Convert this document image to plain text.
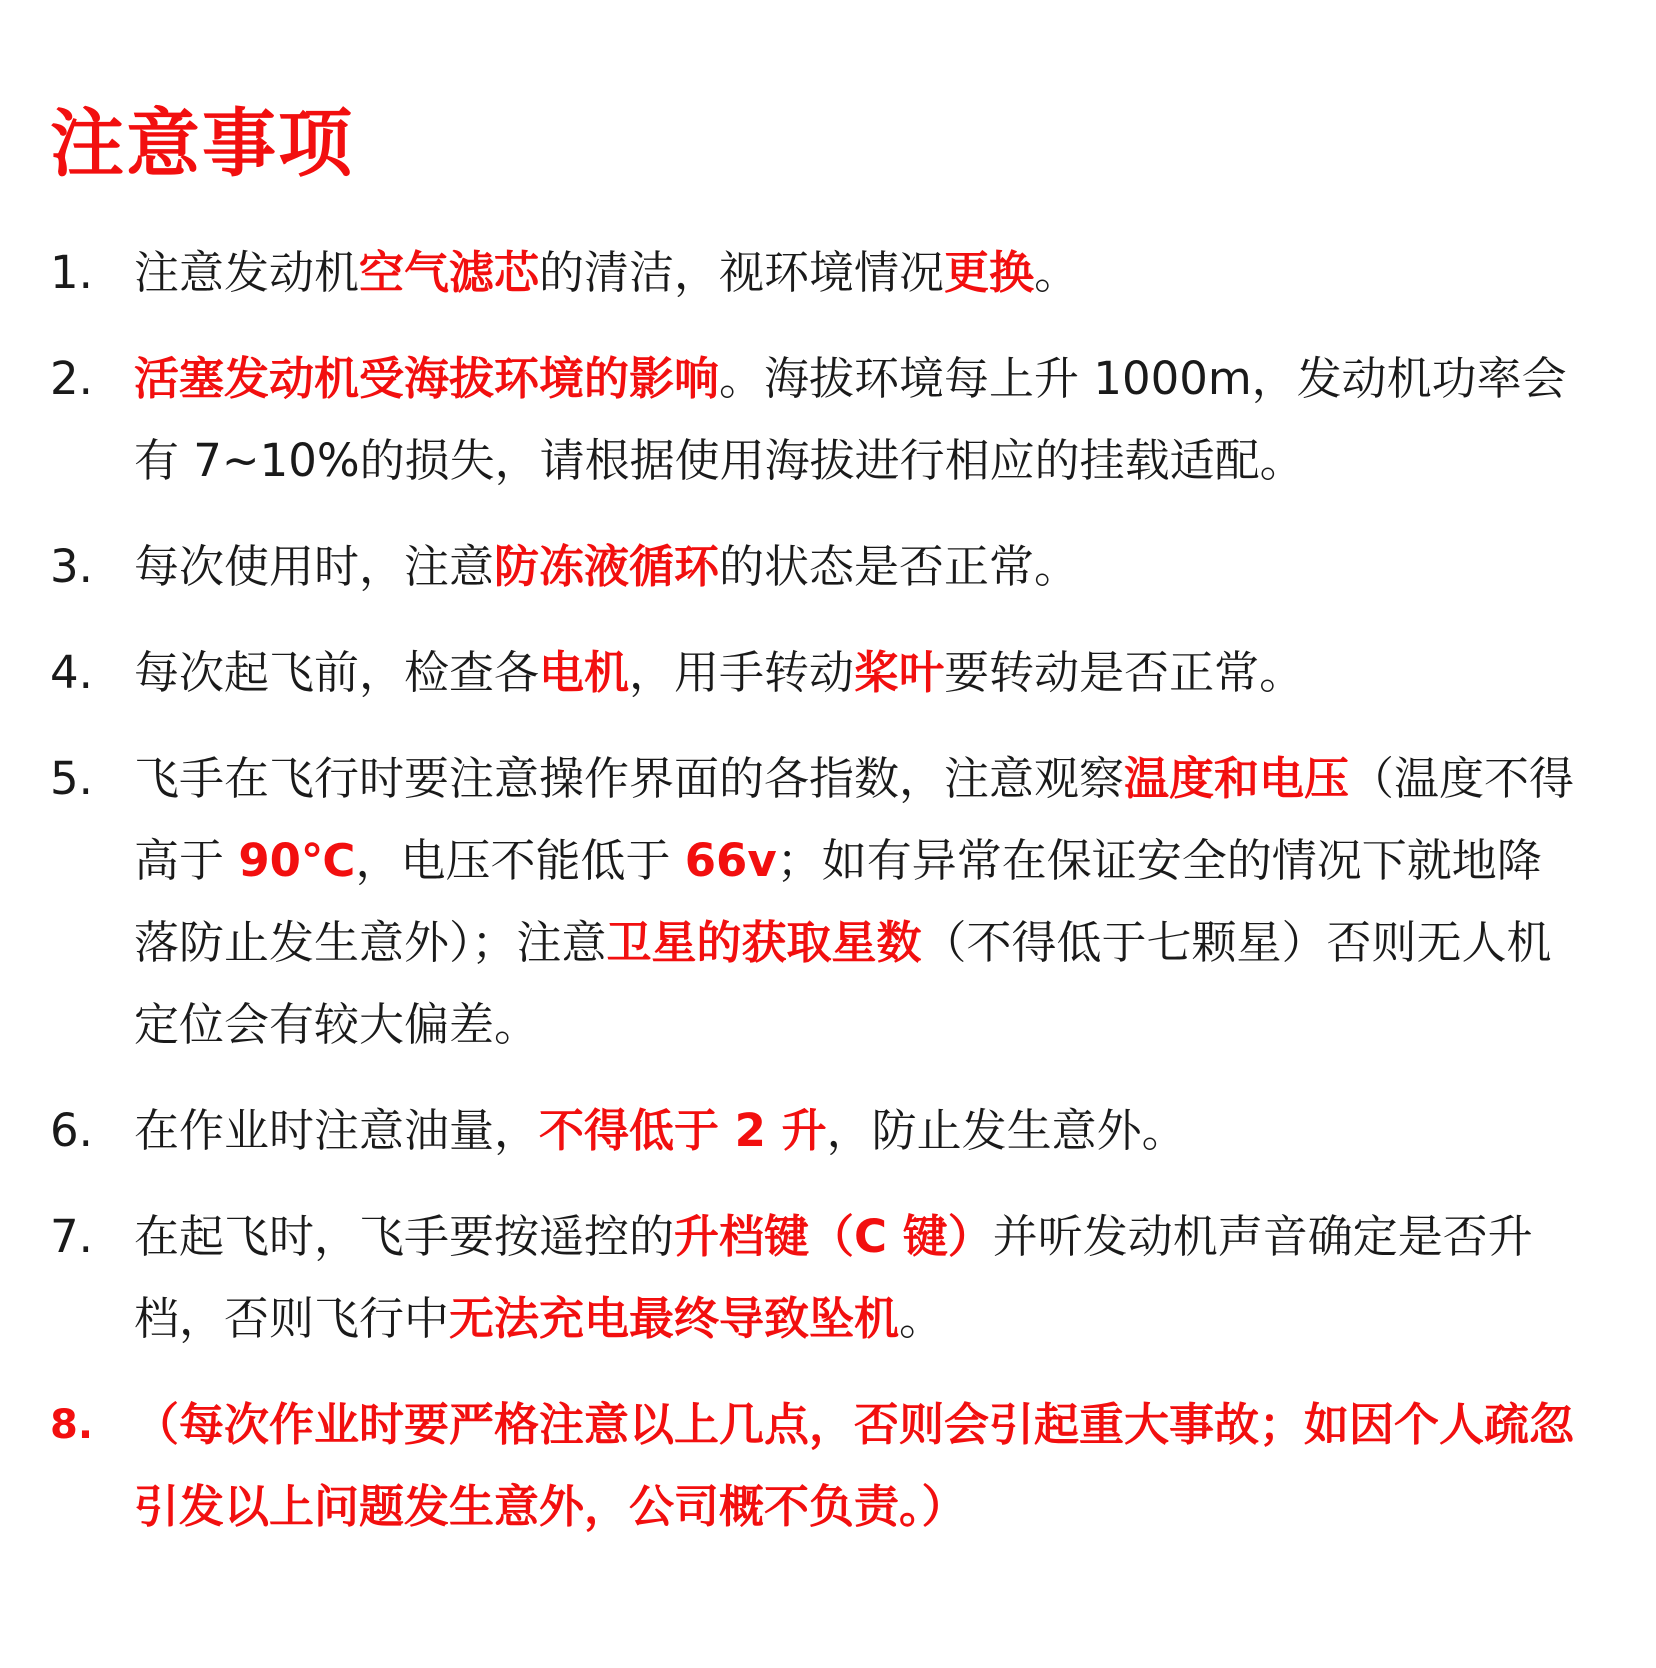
注意事项
1. 注意发动机空气滤芯的清洁，视环境情况更换。
2. 活塞发动机受海拔环境的影响。海拔环境每上升 1000m，发动机功率会有 7~10%的损失，请根据使用海拔进行相应的挂载适配。
3. 每次使用时，注意防冻液循环的状态是否正常。
4. 每次起飞前，检查各电机，用手转动桨叶要转动是否正常。
5. 飞手在飞行时要注意操作界面的各指数，注意观察温度和电压（温度不得高于 90℃，电压不能低于 66v；如有异常在保证安全的情况下就地降落防止发生意外）；注意卫星的获取星数（不得低于七颗星）否则无人机定位会有较大偏差。
6. 在作业时注意油量，不得低于 2 升，防止发生意外。
7. 在起飞时，飞手要按遥控的升档键（C 键）并听发动机声音确定是否升档，否则飞行中无法充电最终导致坠机。
8. （每次作业时要严格注意以上几点，否则会引起重大事故；如因个人疏忽引发以上问题发生意外，公司概不负责。）
